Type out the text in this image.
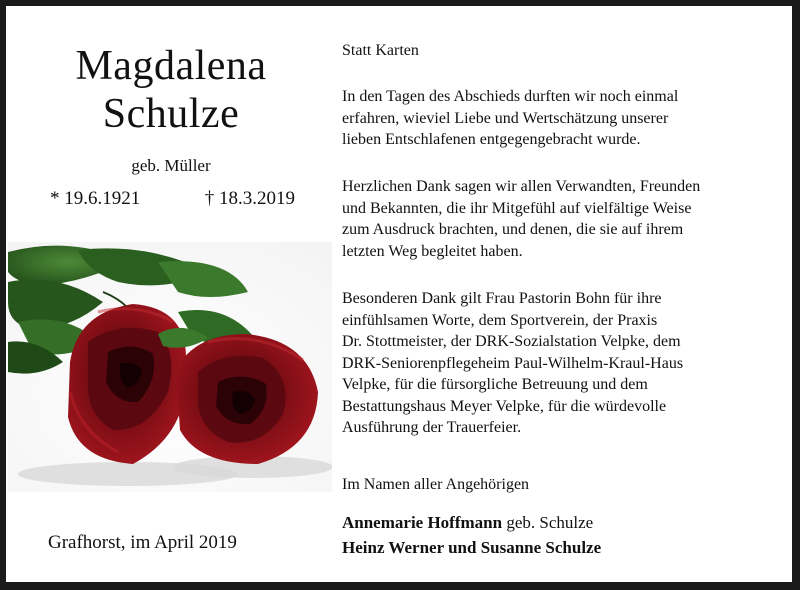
Magdalena
Schulze
geb. Müller
* 19.6.1921	† 18.3.2019
Grafhorst, im April 2019
Statt Karten
In den Tagen des Abschieds durften wir noch einmal
erfahren, wieviel Liebe und Wertschätzung unserer
lieben Entschlafenen entgegengebracht wurde.
Herzlichen Dank sagen wir allen Verwandten, Freunden
und Bekannten, die ihr Mitgefühl auf vielfältige Weise
zum Ausdruck brachten, und denen, die sie auf ihrem
letzten Weg begleitet haben.
Besonderen Dank gilt Frau Pastorin Bohn für ihre
einfühlsamen Worte, dem Sportverein, der Praxis
Dr. Stottmeister, der DRK-Sozialstation Velpke, dem
DRK-Seniorenpflegeheim Paul-Wilhelm-Kraul-Haus
Velpke, für die fürsorgliche Betreuung und dem
Bestattungshaus Meyer Velpke, für die würdevolle
Ausführung der Trauerfeier.
Im Namen aller Angehörigen
Annemarie Hoffmann geb. Schulze
Heinz Werner und Susanne Schulze
